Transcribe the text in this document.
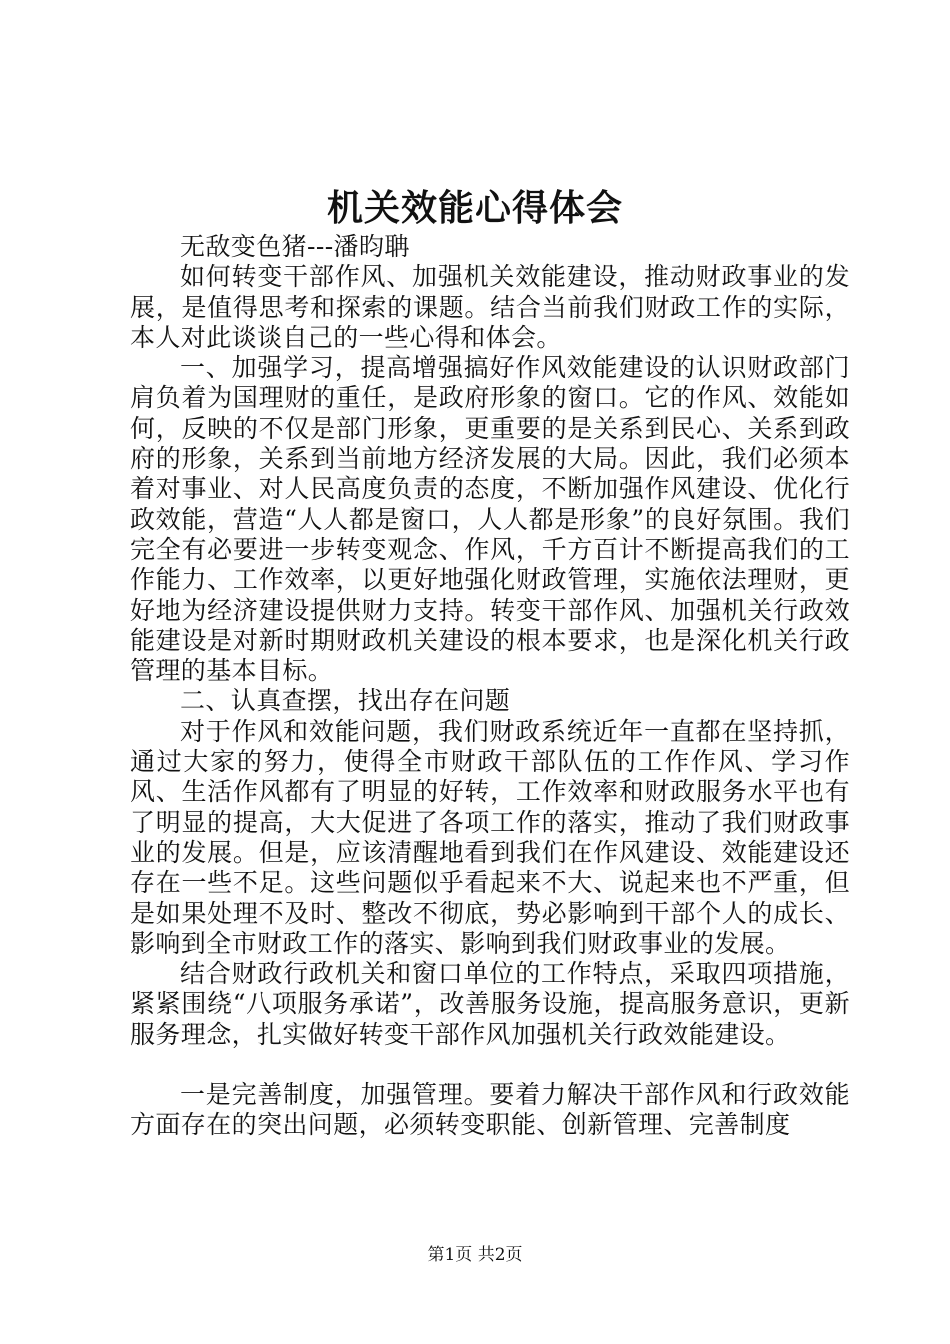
机关效能心得体会

无敌变色猪---潘昀聃

如何转变干部作风、加强机关效能建设，推动财政事业的发展，是值得思考和探索的课题。结合当前我们财政工作的实际，本人对此谈谈自己的一些心得和体会。

一、加强学习，提高增强搞好作风效能建设的认识财政部门肩负着为国理财的重任，是政府形象的窗口。它的作风、效能如何，反映的不仅是部门形象，更重要的是关系到民心、关系到政府的形象，关系到当前地方经济发展的大局。因此，我们必须本着对事业、对人民高度负责的态度，不断加强作风建设、优化行政效能，营造“人人都是窗口，人人都是形象”的良好氛围。我们完全有必要进一步转变观念、作风，千方百计不断提高我们的工作能力、工作效率，以更好地强化财政管理，实施依法理财，更好地为经济建设提供财力支持。转变干部作风、加强机关行政效能建设是对新时期财政机关建设的根本要求，也是深化机关行政管理的基本目标。

二、认真查摆，找出存在问题

对于作风和效能问题，我们财政系统近年一直都在坚持抓，通过大家的努力，使得全市财政干部队伍的工作作风、学习作风、生活作风都有了明显的好转，工作效率和财政服务水平也有了明显的提高，大大促进了各项工作的落实，推动了我们财政事业的发展。但是，应该清醒地看到我们在作风建设、效能建设还存在一些不足。这些问题似乎看起来不大、说起来也不严重，但是如果处理不及时、整改不彻底，势必影响到干部个人的成长、影响到全市财政工作的落实、影响到我们财政事业的发展。

结合财政行政机关和窗口单位的工作特点，采取四项措施，紧紧围绕“八项服务承诺”，改善服务设施，提高服务意识，更新服务理念，扎实做好转变干部作风加强机关行政效能建设。

一是完善制度，加强管理。要着力解决干部作风和行政效能方面存在的突出问题，必须转变职能、创新管理、完善制度

第1页 共2页
